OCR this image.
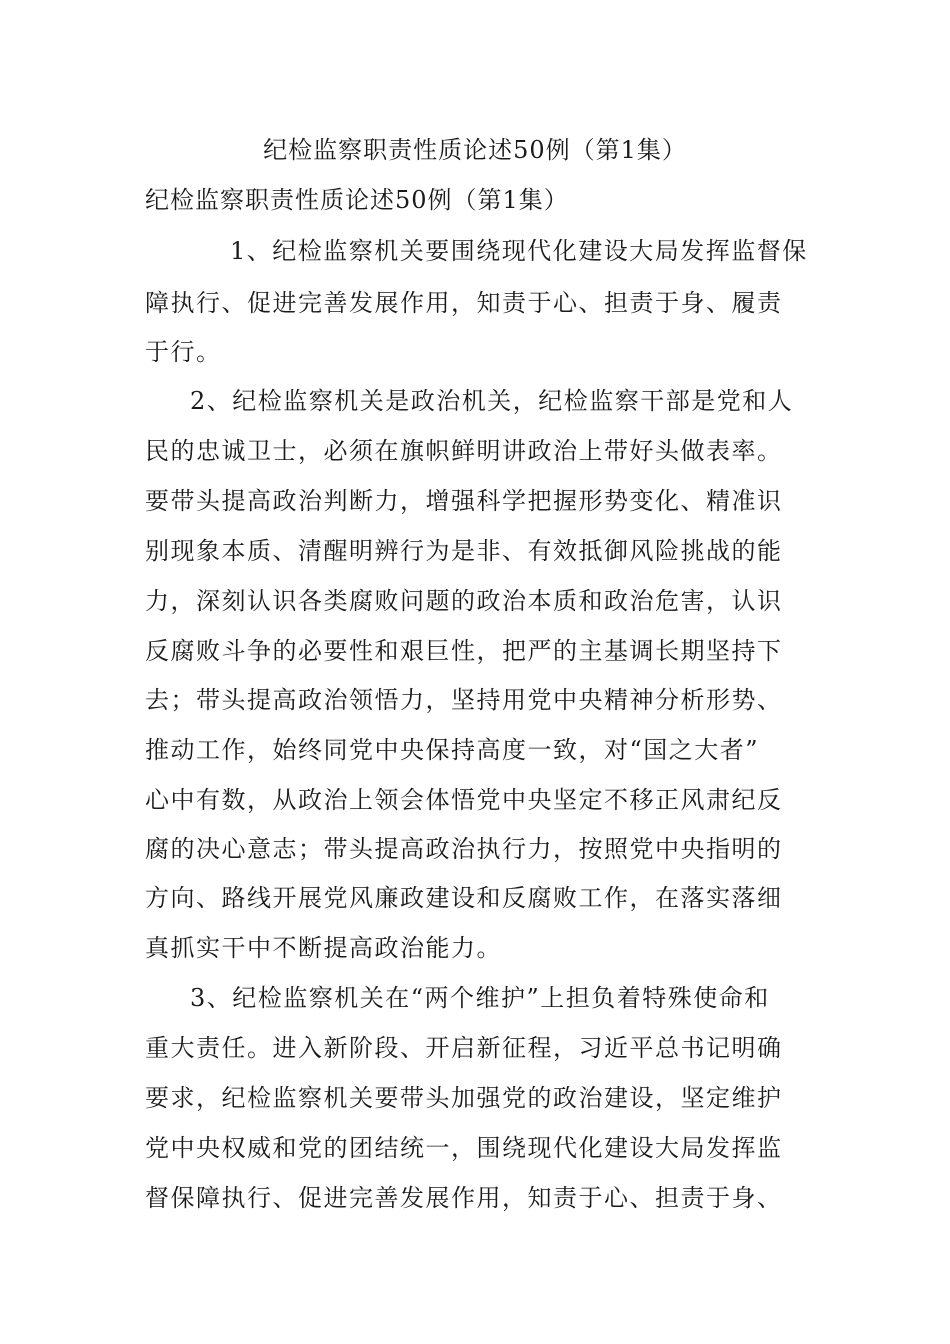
纪检监察职责性质论述50例（第1集）
纪检监察职责性质论述50例（第1集）
1、纪检监察机关要围绕现代化建设大局发挥监督保
障执行、促进完善发展作用，知责于心、担责于身、履责
于行。
2、纪检监察机关是政治机关，纪检监察干部是党和人
民的忠诚卫士，必须在旗帜鲜明讲政治上带好头做表率。
要带头提高政治判断力，增强科学把握形势变化、精准识
别现象本质、清醒明辨行为是非、有效抵御风险挑战的能
力，深刻认识各类腐败问题的政治本质和政治危害，认识
反腐败斗争的必要性和艰巨性，把严的主基调长期坚持下
去；带头提高政治领悟力，坚持用党中央精神分析形势、
推动工作，始终同党中央保持高度一致，对“国之大者”
心中有数，从政治上领会体悟党中央坚定不移正风肃纪反
腐的决心意志；带头提高政治执行力，按照党中央指明的
方向、路线开展党风廉政建设和反腐败工作，在落实落细
真抓实干中不断提高政治能力。
3、纪检监察机关在“两个维护”上担负着特殊使命和
重大责任。进入新阶段、开启新征程，习近平总书记明确
要求，纪检监察机关要带头加强党的政治建设，坚定维护
党中央权威和党的团结统一，围绕现代化建设大局发挥监
督保障执行、促进完善发展作用，知责于心、担责于身、
